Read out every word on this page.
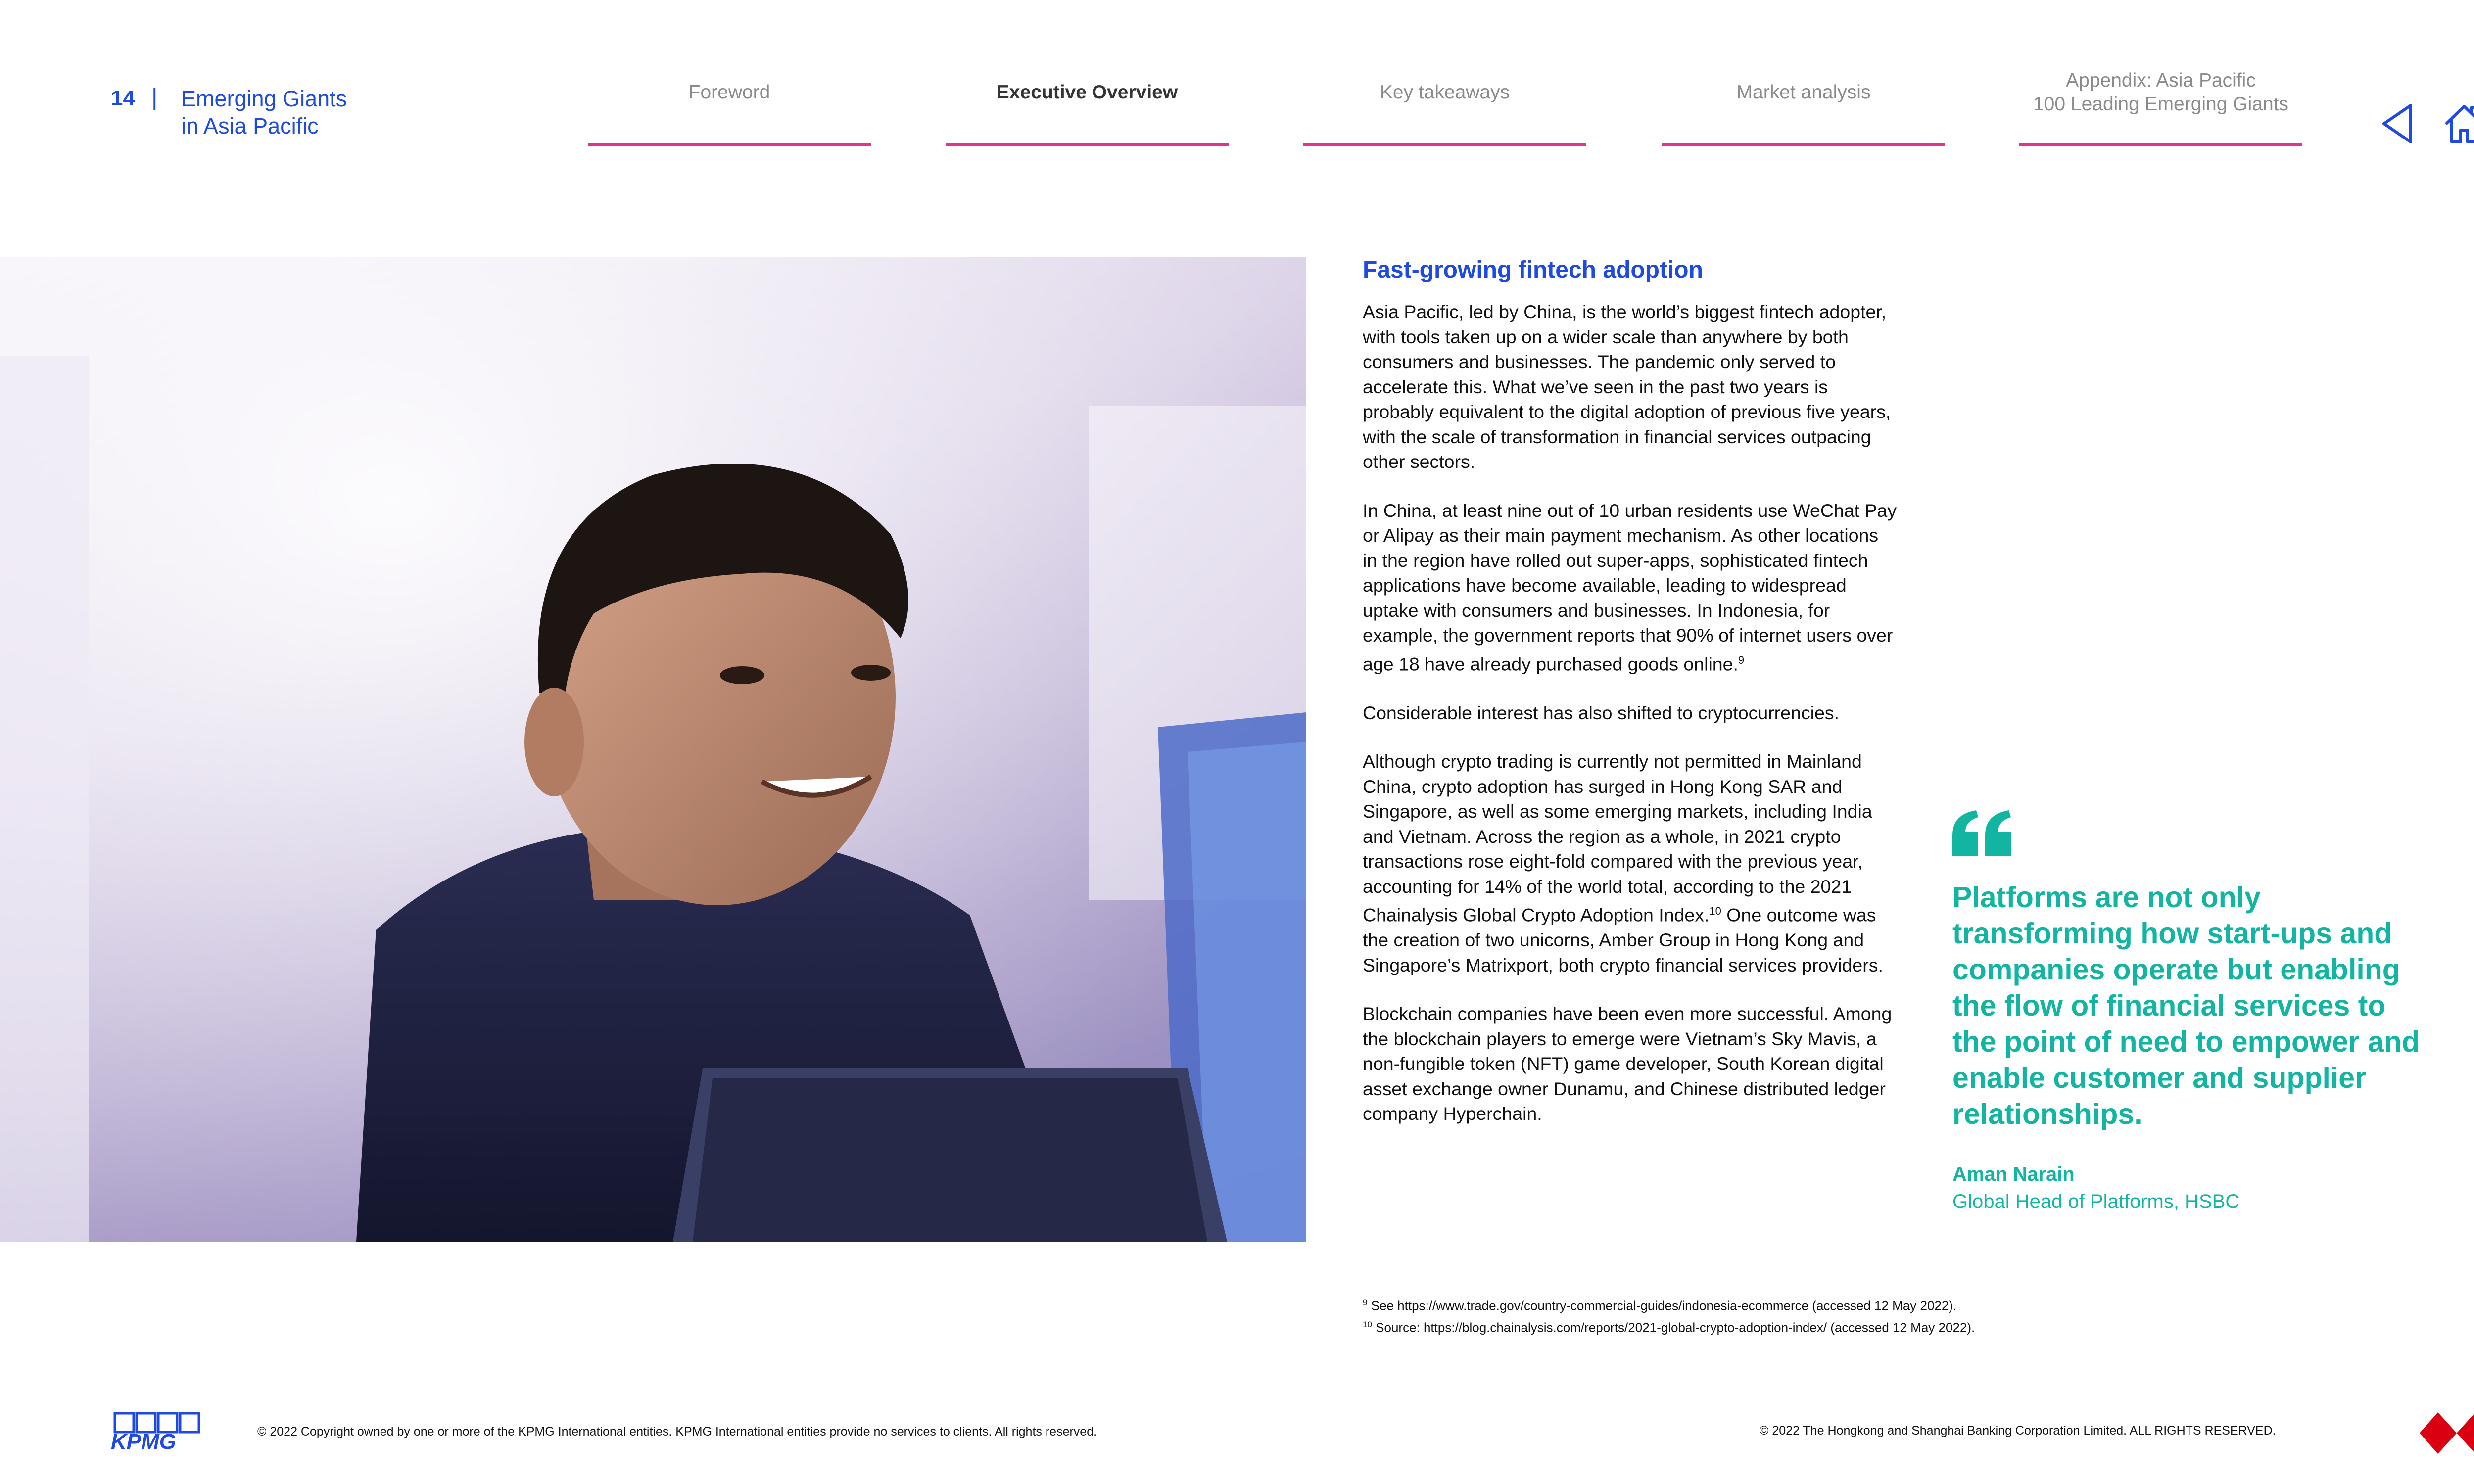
14 | Emerging Giants
in Asia Pacific
Foreword	Executive Overview	Key takeaways	Market analysis
Appendix: Asia Pacific
100 Leading Emerging Giants
Fast-growing fintech adoption

Asia Pacific, led by China, is the world’s biggest fintech adopter, with tools taken up on a wider scale than anywhere by both consumers and businesses. The pandemic only served to accelerate this. What we’ve seen in the past two years is probably equivalent to the digital adoption of previous five years, with the scale of transformation in financial services outpacing other sectors.

In China, at least nine out of 10 urban residents use WeChat Pay or Alipay as their main payment mechanism. As other locations in the region have rolled out super-apps, sophisticated fintech applications have become available, leading to widespread uptake with consumers and businesses. In Indonesia, for example, the government reports that 90% of internet users over age 18 have already purchased goods online.$^9$

Considerable interest has also shifted to cryptocurrencies.

Although crypto trading is currently not permitted in Mainland China, crypto adoption has surged in Hong Kong SAR and Singapore, as well as some emerging markets, including India and Vietnam. Across the region as a whole, in 2021 crypto transactions rose eight-fold compared with the previous year, accounting for 14% of the world total, according to the 2021 Chainalysis Global Crypto Adoption Index.$^{10}$ One outcome was the creation of two unicorns, Amber Group in Hong Kong and Singapore’s Matrixport, both crypto financial services providers.

Blockchain companies have been even more successful. Among the blockchain players to emerge were Vietnam’s Sky Mavis, a non-fungible token (NFT) game developer, South Korean digital asset exchange owner Dunamu, and Chinese distributed ledger company Hyperchain.

Platforms are not only transforming how start-ups and companies operate but enabling the flow of financial services to the point of need to empower and enable customer and supplier relationships.
Aman Narain
Global Head of Platforms, HSBC
$^9$ See https://www.trade.gov/country-commercial-guides/indonesia-ecommerce (accessed 12 May 2022).
$^{10}$ Source: https://blog.chainalysis.com/reports/2021-global-crypto-adoption-index/ (accessed 12 May 2022).
KPMG	© 2022 Copyright owned by one or more of the KPMG International entities. KPMG International entities provide no services to clients. All rights reserved.	© 2022 The Hongkong and Shanghai Banking Corporation Limited. ALL RIGHTS RESERVED.
